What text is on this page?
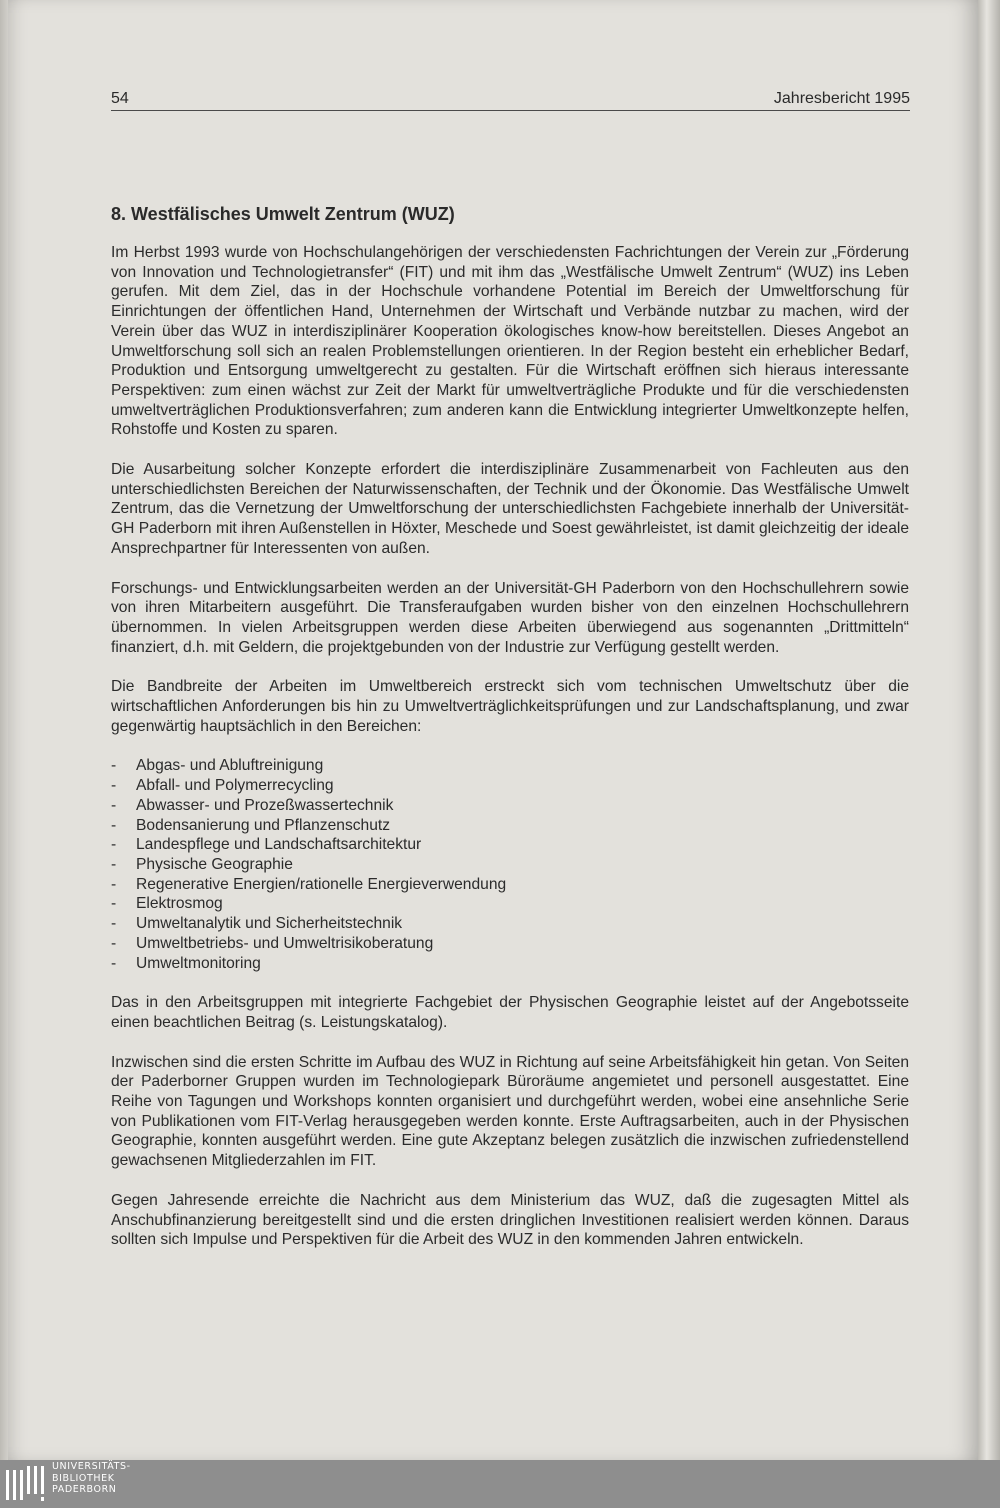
54	Jahresbericht 1995
8. Westfälisches Umwelt Zentrum (WUZ)

Im Herbst 1993 wurde von Hochschulangehörigen der verschiedensten Fachrichtungen der Verein zur „Förderung von Innovation und Technologietransfer“ (FIT) und mit ihm das „Westfälische Umwelt Zentrum“ (WUZ) ins Leben gerufen. Mit dem Ziel, das in der Hochschule vorhandene Potential im Bereich der Umweltforschung für Einrichtungen der öffentlichen Hand, Unternehmen der Wirtschaft und Verbände nutzbar zu machen, wird der Verein über das WUZ in interdisziplinärer Kooperation ökologisches know-how bereitstellen. Dieses Angebot an Umweltforschung soll sich an realen Problemstellungen orientieren. In der Region besteht ein erheblicher Bedarf, Produktion und Entsorgung umweltgerecht zu gestalten. Für die Wirtschaft eröffnen sich hieraus interessante Perspektiven: zum einen wächst zur Zeit der Markt für umweltverträgliche Produkte und für die verschiedensten umweltverträglichen Produktionsverfahren; zum anderen kann die Entwicklung integrierter Umweltkonzepte helfen, Rohstoffe und Kosten zu sparen.

Die Ausarbeitung solcher Konzepte erfordert die interdisziplinäre Zusammenarbeit von Fachleuten aus den unterschiedlichsten Bereichen der Naturwissenschaften, der Technik und der Ökonomie. Das Westfälische Umwelt Zentrum, das die Vernetzung der Umweltforschung der unterschiedlichsten Fachgebiete innerhalb der Universität-GH Paderborn mit ihren Außenstellen in Höxter, Meschede und Soest gewährleistet, ist damit gleichzeitig der ideale Ansprechpartner für Interessenten von außen.

Forschungs- und Entwicklungsarbeiten werden an der Universität-GH Paderborn von den Hochschullehrern sowie von ihren Mitarbeitern ausgeführt. Die Transferaufgaben wurden bisher von den einzelnen Hochschullehrern übernommen. In vielen Arbeitsgruppen werden diese Arbeiten überwiegend aus sogenannten „Drittmitteln“ finanziert, d.h. mit Geldern, die projektgebunden von der Industrie zur Verfügung gestellt werden.

Die Bandbreite der Arbeiten im Umweltbereich erstreckt sich vom technischen Umweltschutz über die wirtschaftlichen Anforderungen bis hin zu Umweltverträglichkeitsprüfungen und zur Landschaftsplanung, und zwar gegenwärtig hauptsächlich in den Bereichen:

- Abgas- und Abluftreinigung
- Abfall- und Polymerrecycling
- Abwasser- und Prozeßwassertechnik
- Bodensanierung und Pflanzenschutz
- Landespflege und Landschaftsarchitektur
- Physische Geographie
- Regenerative Energien/rationelle Energieverwendung
- Elektrosmog
- Umweltanalytik und Sicherheitstechnik
- Umweltbetriebs- und Umweltrisikoberatung
- Umweltmonitoring

Das in den Arbeitsgruppen mit integrierte Fachgebiet der Physischen Geographie leistet auf der Angebotsseite einen beachtlichen Beitrag (s. Leistungskatalog).

Inzwischen sind die ersten Schritte im Aufbau des WUZ in Richtung auf seine Arbeitsfähigkeit hin getan. Von Seiten der Paderborner Gruppen wurden im Technologiepark Büroräume angemietet und personell ausgestattet. Eine Reihe von Tagungen und Workshops konnten organisiert und durchgeführt werden, wobei eine ansehnliche Serie von Publikationen vom FIT-Verlag herausgegeben werden konnte. Erste Auftragsarbeiten, auch in der Physischen Geographie, konnten ausgeführt werden. Eine gute Akzeptanz belegen zusätzlich die inzwischen zufriedenstellend gewachsenen Mitgliederzahlen im FIT.

Gegen Jahresende erreichte die Nachricht aus dem Ministerium das WUZ, daß die zugesagten Mittel als Anschubfinanzierung bereitgestellt sind und die ersten dringlichen Investitionen realisiert werden können. Daraus sollten sich Impulse und Perspektiven für die Arbeit des WUZ in den kommenden Jahren entwickeln.

UNIVERSITÄTS-
BIBLIOTHEK
PADERBORN
